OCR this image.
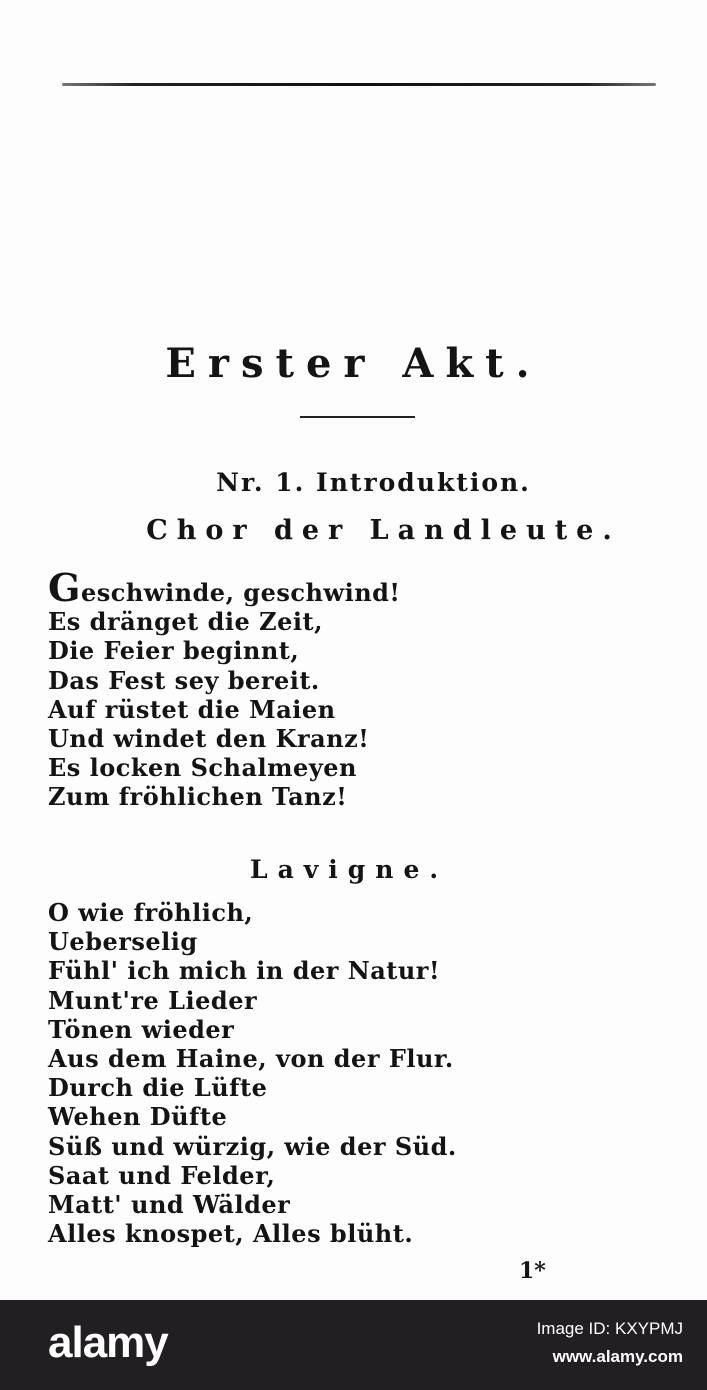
Erster Akt.
Nr. 1. Introduktion.
Chor der Landleute.
Geschwinde, geschwind!
Es dränget die Zeit,
Die Feier beginnt,
Das Fest sey bereit.
Auf rüstet die Maien
Und windet den Kranz!
Es locken Schalmeyen
Zum fröhlichen Tanz!
Lavigne.
O wie fröhlich,
Ueberselig
Fühl' ich mich in der Natur!
Munt're Lieder
Tönen wieder
Aus dem Haine, von der Flur.
Durch die Lüfte
Wehen Düfte
Süß und würzig, wie der Süd.
Saat und Felder,
Matt' und Wälder
Alles knospet, Alles blüht.
1*
alamy	Image ID: KXYPMJ
www.alamy.com
